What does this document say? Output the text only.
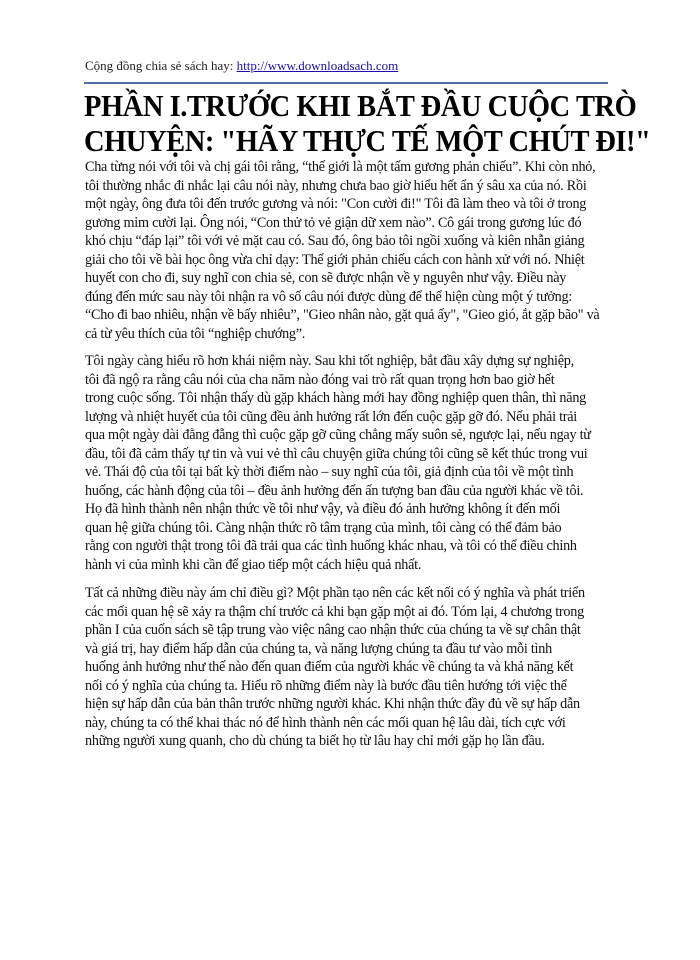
Cộng đồng chia sẻ sách hay: http://www.downloadsach.com
PHẦN I.TRƯỚC KHI BẮT ĐẦU CUỘC TRÒ
CHUYỆN: "HÃY THỰC TẾ MỘT CHÚT ĐI!"
Cha từng nói với tôi và chị gái tôi rằng, “thế giới là một tấm gương phản chiếu”. Khi còn nhỏ,
tôi thường nhắc đi nhắc lại câu nói này, nhưng chưa bao giờ hiểu hết ẩn ý sâu xa của nó. Rồi
một ngày, ông đưa tôi đến trước gương và nói: "Con cười đi!" Tôi đã làm theo và tôi ở trong
gương mỉm cười lại. Ông nói, “Con thử tỏ vẻ giận dữ xem nào”. Cô gái trong gương lúc đó
khó chịu “đáp lại” tôi với vẻ mặt cau có. Sau đó, ông bảo tôi ngồi xuống và kiên nhẫn giảng
giải cho tôi về bài học ông vừa chỉ dạy: Thế giới phản chiếu cách con hành xử với nó. Nhiệt
huyết con cho đi, suy nghĩ con chia sẻ, con sẽ được nhận về y nguyên như vậy. Điều này
đúng đến mức sau này tôi nhận ra vô số câu nói được dùng để thể hiện cùng một ý tưởng:
“Cho đi bao nhiêu, nhận về bấy nhiêu”, "Gieo nhân nào, gặt quả ấy", "Gieo gió, ắt gặp bão" và
cả từ yêu thích của tôi “nghiệp chướng”.
Tôi ngày càng hiểu rõ hơn khái niệm này. Sau khi tốt nghiệp, bắt đầu xây dựng sự nghiệp,
tôi đã ngộ ra rằng câu nói của cha năm nào đóng vai trò rất quan trọng hơn bao giờ hết
trong cuộc sống. Tôi nhận thấy dù gặp khách hàng mới hay đồng nghiệp quen thân, thì năng
lượng và nhiệt huyết của tôi cũng đều ảnh hưởng rất lớn đến cuộc gặp gỡ đó. Nếu phải trải
qua một ngày dài đằng đẵng thì cuộc gặp gỡ cũng chẳng mấy suôn sẻ, ngược lại, nếu ngay từ
đầu, tôi đã cảm thấy tự tin và vui vẻ thì câu chuyện giữa chúng tôi cũng sẽ kết thúc trong vui
vẻ. Thái độ của tôi tại bất kỳ thời điểm nào – suy nghĩ của tôi, giả định của tôi về một tình
huống, các hành động của tôi – đều ảnh hưởng đến ấn tượng ban đầu của người khác về tôi.
Họ đã hình thành nên nhận thức về tôi như vậy, và điều đó ảnh hưởng không ít đến mối
quan hệ giữa chúng tôi. Càng nhận thức rõ tâm trạng của mình, tôi càng có thể đảm bảo
rằng con người thật trong tôi đã trải qua các tình huống khác nhau, và tôi có thể điều chỉnh
hành vi của mình khi cần để giao tiếp một cách hiệu quả nhất.
Tất cả những điều này ám chỉ điều gì? Một phần tạo nên các kết nối có ý nghĩa và phát triển
các mối quan hệ sẽ xảy ra thậm chí trước cả khi bạn gặp một ai đó. Tóm lại, 4 chương trong
phần I của cuốn sách sẽ tập trung vào việc nâng cao nhận thức của chúng ta về sự chân thật
và giá trị, hay điểm hấp dẫn của chúng ta, và năng lượng chúng ta đầu tư vào mỗi tình
huống ảnh hưởng như thế nào đến quan điểm của người khác về chúng ta và khả năng kết
nối có ý nghĩa của chúng ta. Hiểu rõ những điểm này là bước đầu tiên hướng tới việc thể
hiện sự hấp dẫn của bản thân trước những người khác. Khi nhận thức đầy đủ về sự hấp dẫn
này, chúng ta có thể khai thác nó để hình thành nên các mối quan hệ lâu dài, tích cực với
những người xung quanh, cho dù chúng ta biết họ từ lâu hay chỉ mới gặp họ lần đầu.
